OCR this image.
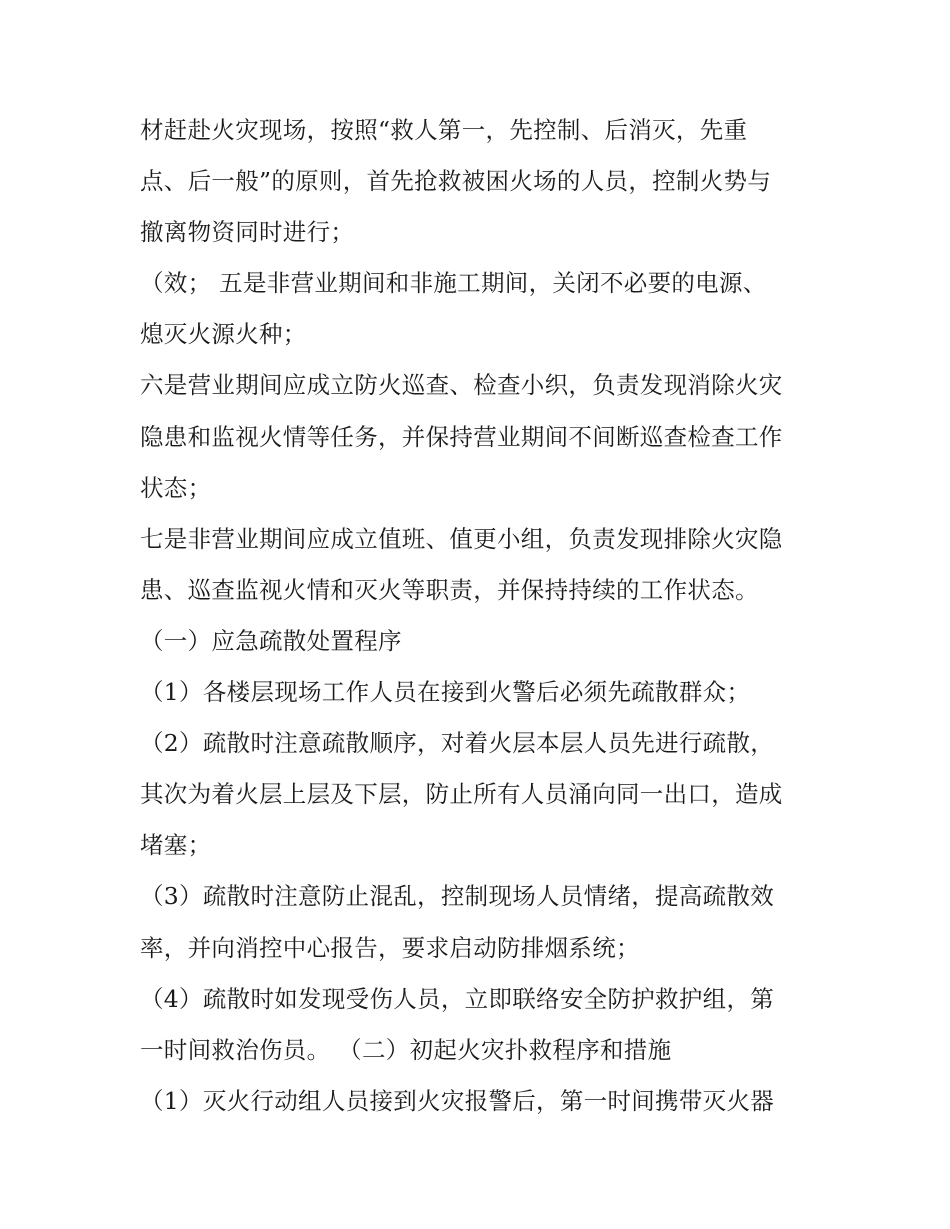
材赶赴火灾现场，按照“救人第一，先控制、后消灭，先重
点、后一般”的原则，首先抢救被困火场的人员，控制火势与
撤离物资同时进行；
（效； 五是非营业期间和非施工期间，关闭不必要的电源、
熄灭火源火种；
六是营业期间应成立防火巡查、检查小织，负责发现消除火灾
隐患和监视火情等任务，并保持营业期间不间断巡查检查工作
状态；
七是非营业期间应成立值班、值更小组，负责发现排除火灾隐
患、巡查监视火情和灭火等职责，并保持持续的工作状态。
（一）应急疏散处置程序
（1）各楼层现场工作人员在接到火警后必须先疏散群众；
（2）疏散时注意疏散顺序，对着火层本层人员先进行疏散，
其次为着火层上层及下层，防止所有人员涌向同一出口，造成
堵塞；
（3）疏散时注意防止混乱，控制现场人员情绪，提高疏散效
率，并向消控中心报告，要求启动防排烟系统；
（4）疏散时如发现受伤人员，立即联络安全防护救护组，第
一时间救治伤员。 （二）初起火灾扑救程序和措施
（1）灭火行动组人员接到火灾报警后，第一时间携带灭火器
